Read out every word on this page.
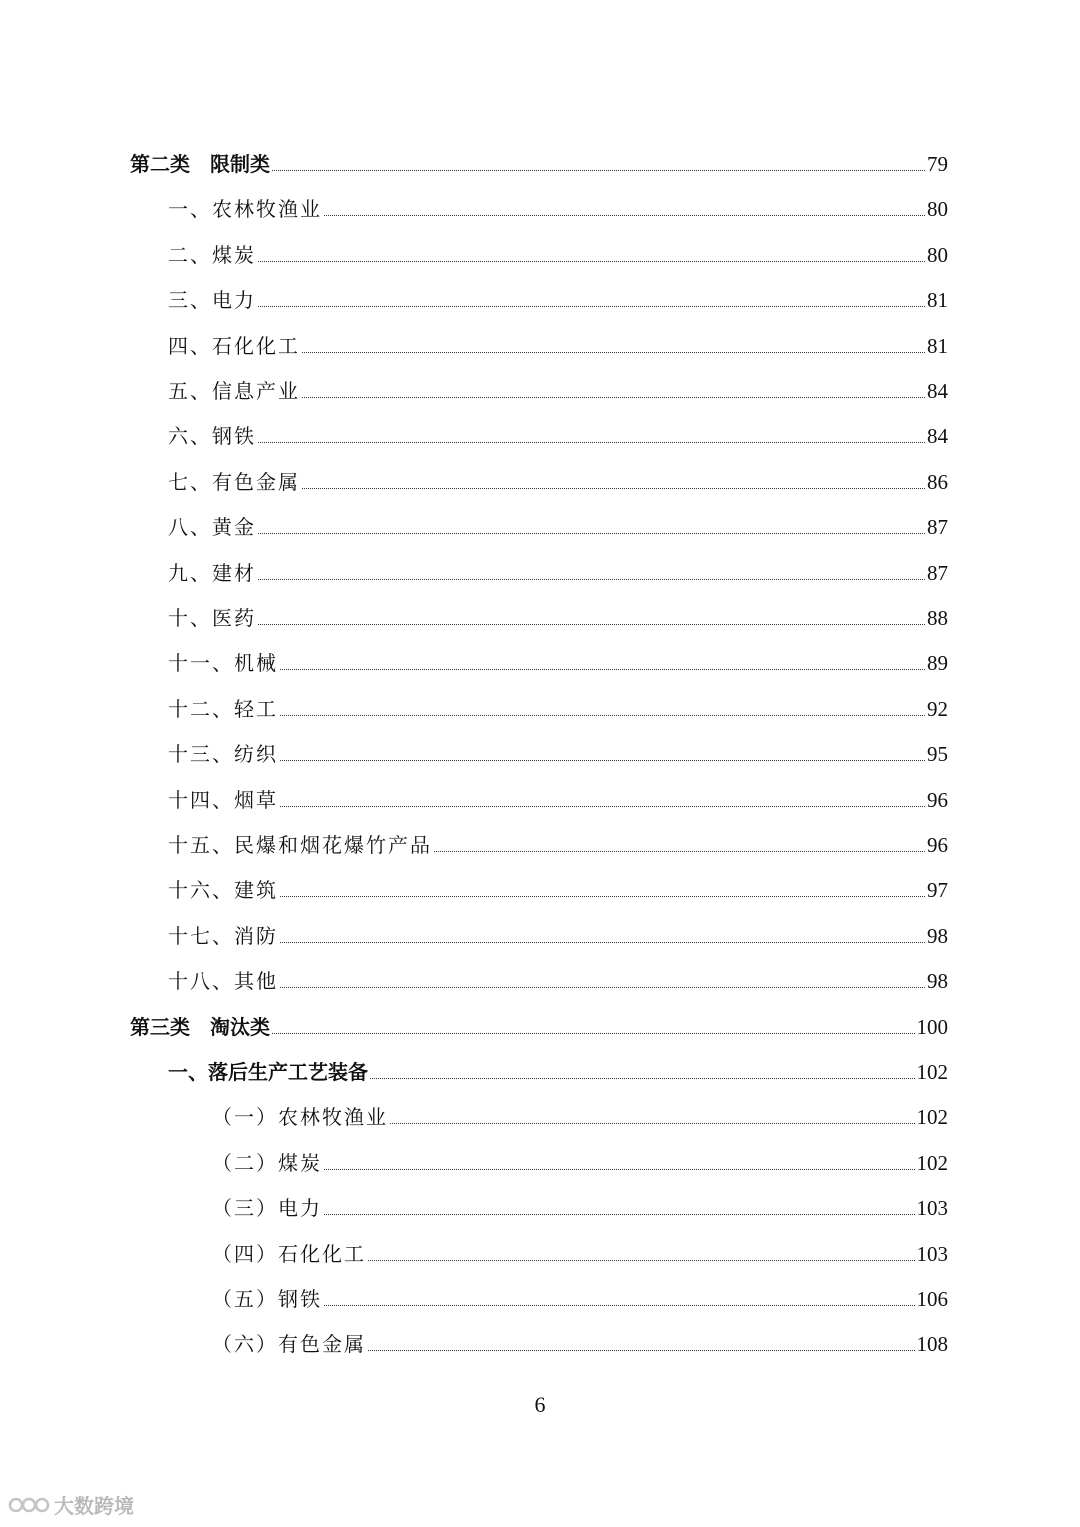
第二类　限制类	79
一、农林牧渔业	80
二、煤炭	80
三、电力	81
四、石化化工	81
五、信息产业	84
六、钢铁	84
七、有色金属	86
八、黄金	87
九、建材	87
十、医药	88
十一、机械	89
十二、轻工	92
十三、纺织	95
十四、烟草	96
十五、民爆和烟花爆竹产品	96
十六、建筑	97
十七、消防	98
十八、其他	98
第三类　淘汰类	100
一、落后生产工艺装备	102
（一）农林牧渔业	102
（二）煤炭	102
（三）电力	103
（四）石化化工	103
（五）钢铁	106
（六）有色金属	108
6
大数跨境
